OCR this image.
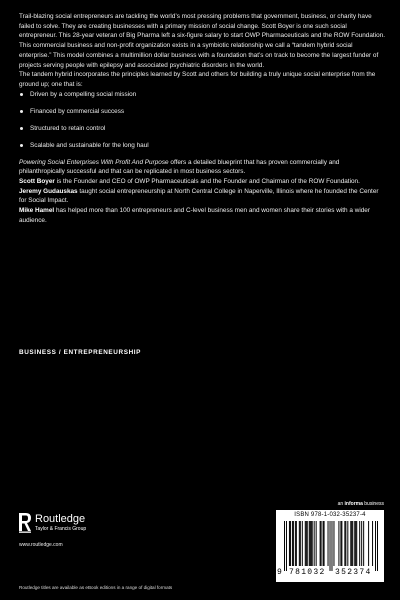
Trail-blazing social entrepreneurs are tackling the world’s most pressing problems that government, business, or charity have failed to solve. They are creating businesses with a primary mission of social change. Scott Boyer is one such social entrepreneur. This 28-year veteran of Big Pharma left a six-figure salary to start OWP Pharmaceuticals and the ROW Foundation. This commercial business and non-profit organization exists in a symbiotic relationship we call a “tandem hybrid social enterprise.” This model combines a multimillion dollar business with a foundation that’s on track to become the largest funder of projects serving people with epilepsy and associated psychiatric disorders in the world.

The tandem hybrid incorporates the principles learned by Scott and others for building a truly unique social enterprise from the ground up; one that is:

Driven by a compelling social mission
Financed by commercial success
Structured to retain control
Scalable and sustainable for the long haul

Powering Social Enterprises With Profit And Purpose offers a detailed blueprint that has proven commercially and philanthropically successful and that can be replicated in most business sectors.

Scott Boyer is the Founder and CEO of OWP Pharmaceuticals and the Founder and Chairman of the ROW Foundation.

Jeremy Gudauskas taught social entrepreneurship at North Central College in Naperville, Illinois where he founded the Center for Social Impact.

Mike Hamel has helped more than 100 entrepreneurs and C-level business men and women share their stories with a wider audience.

BUSINESS / ENTREPRENEURSHIP
an informa business
Routledge
Taylor & Francis Group
www.routledge.com
ISBN 978-1-032-35237-4
9 781032 352374
Routledge titles are available as eBook editions in a range of digital formats
